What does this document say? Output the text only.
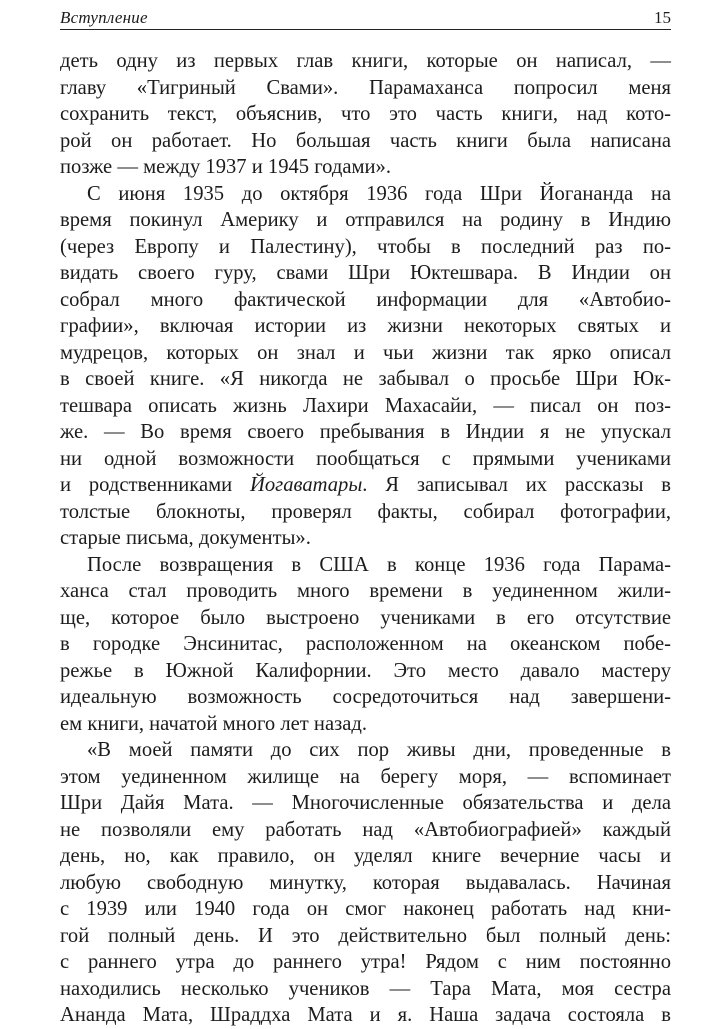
Вступление	15
деть одну из первых глав книги, которые он написал, —
главу «Тигриный Свами». Парамаханса попросил меня
сохранить текст, объяснив, что это часть книги, над кото-
рой он работает. Но большая часть книги была написана
позже — между 1937 и 1945 годами».
С июня 1935 до октября 1936 года Шри Йогананда на
время покинул Америку и отправился на родину в Индию
(через Европу и Палестину), чтобы в последний раз по-
видать своего гуру, свами Шри Юктешвара. В Индии он
собрал много фактической информации для «Автобио-
графии», включая истории из жизни некоторых святых и
мудрецов, которых он знал и чьи жизни так ярко описал
в своей книге. «Я никогда не забывал о просьбе Шри Юк-
тешвара описать жизнь Лахири Махасайи, — писал он поз-
же. — Во время своего пребывания в Индии я не упускал
ни одной возможности пообщаться с прямыми учениками
и родственниками Йогаватары. Я записывал их рассказы в
толстые блокноты, проверял факты, собирал фотографии,
старые письма, документы».
После возвращения в США в конце 1936 года Парама-
ханса стал проводить много времени в уединенном жили-
ще, которое было выстроено учениками в его отсутствие
в городке Энсинитас, расположенном на океанском побе-
режье в Южной Калифорнии. Это место давало мастеру
идеальную возможность сосредоточиться над завершени-
ем книги, начатой много лет назад.
«В моей памяти до сих пор живы дни, проведенные в
этом уединенном жилище на берегу моря, — вспоминает
Шри Дайя Мата. — Многочисленные обязательства и дела
не позволяли ему работать над «Автобиографией» каждый
день, но, как правило, он уделял книге вечерние часы и
любую свободную минутку, которая выдавалась. Начиная
с 1939 или 1940 года он смог наконец работать над кни-
гой полный день. И это действительно был полный день:
с раннего утра до раннего утра! Рядом с ним постоянно
находились несколько учеников — Тара Мата, моя сестра
Ананда Мата, Шраддха Мата и я. Наша задача состояла в
